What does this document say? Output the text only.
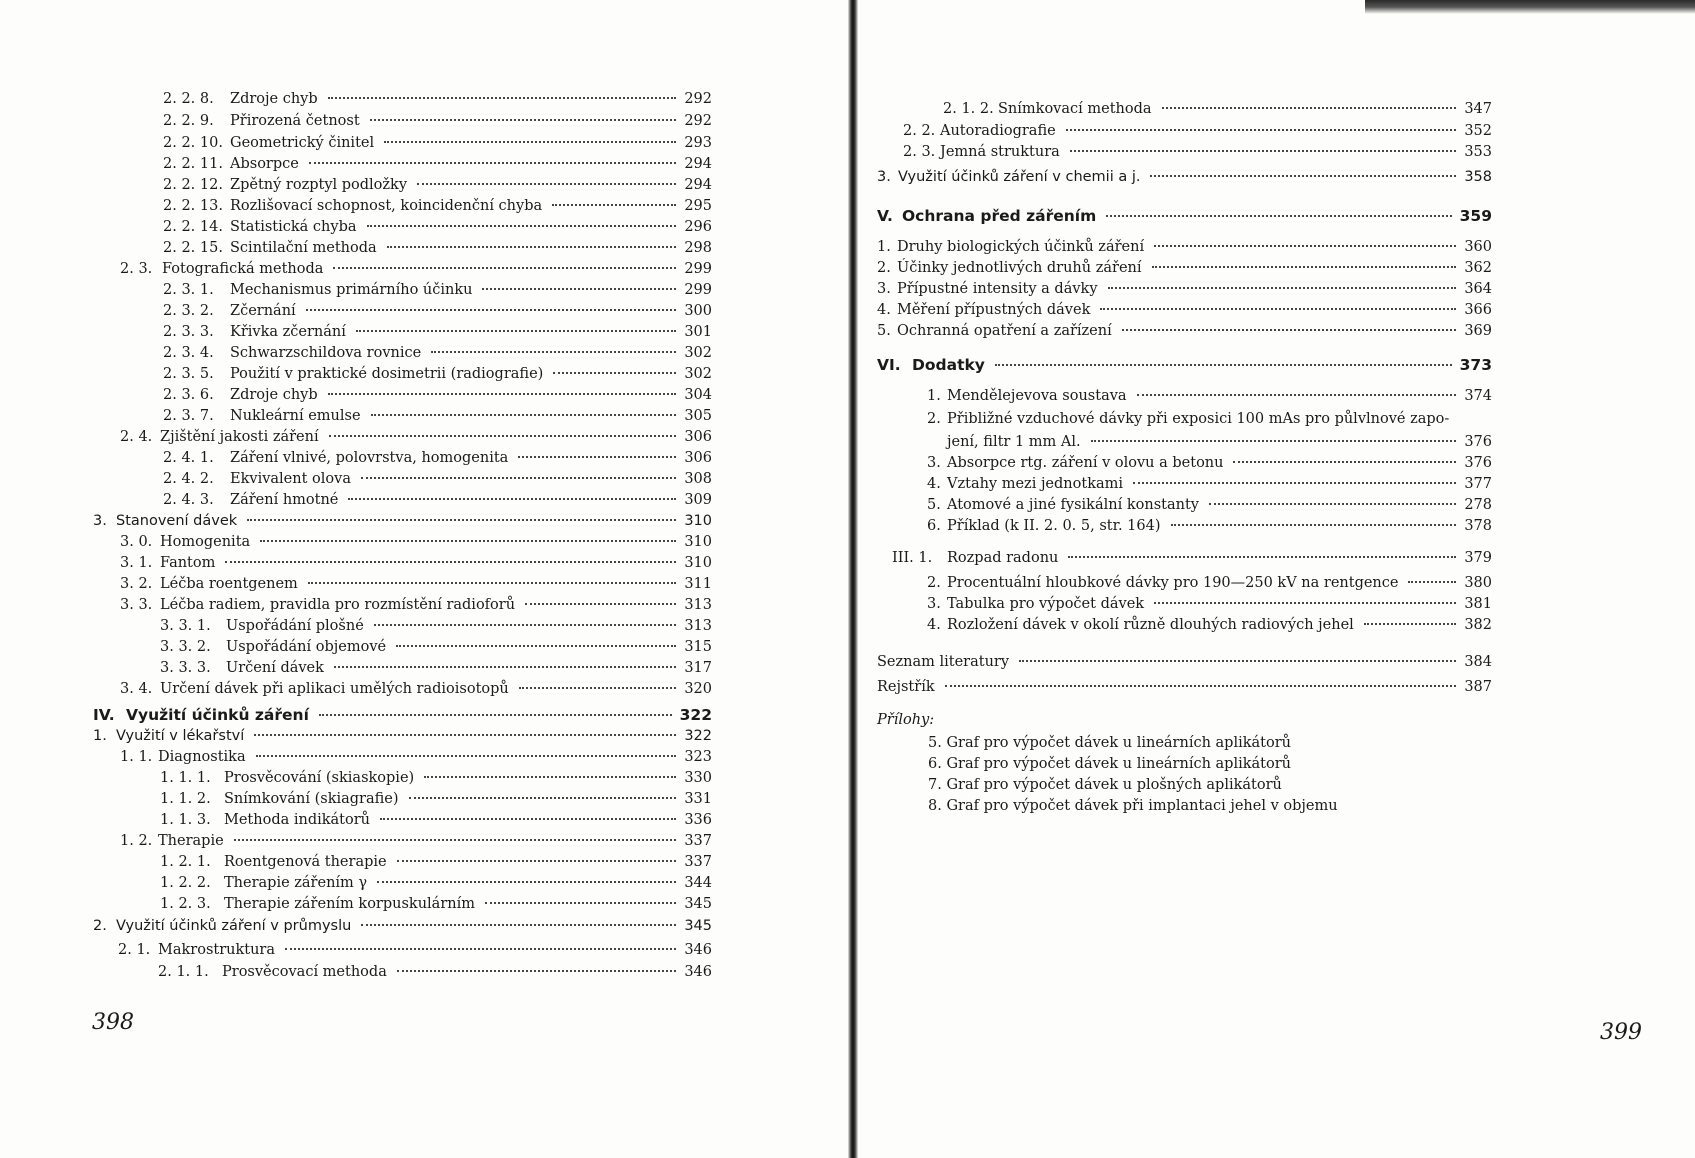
398	399
2. 2. 8.	Zdroje chyb	292
2. 2. 9.	Přirozená četnost	292
2. 2. 10. Geometrický činitel	293
2. 2. 11. Absorpce	294
2. 2. 12. Zpětný rozptyl podložky	294
2. 2. 13. Rozlišovací schopnost, koincidenční chyba	295
2. 2. 14. Statistická chyba	296
2. 2. 15. Scintilační methoda	298
2. 3. Fotografická methoda	299
2. 3. 1.	Mechanismus primárního účinku	299
2. 3. 2.	Zčernání	300
2. 3. 3.	Křivka zčernání	301
2. 3. 4.	Schwarzschildova rovnice	302
2. 3. 5.	Použití v praktické dosimetrii (radiografie)	302
2. 3. 6.	Zdroje chyb	304
2. 3. 7.	Nukleární emulse	305
2. 4. Zjištění jakosti záření	306
2. 4. 1.	Záření vlnivé, polovrstva, homogenita	306
2. 4. 2.	Ekvivalent olova	308
2. 4. 3.	Záření hmotné	309
3. Stanovení dávek	310
3. 0. Homogenita	310
3. 1. Fantom	310
3. 2. Léčba roentgenem	311
3. 3. Léčba radiem, pravidla pro rozmístění radioforů	313
3. 3. 1.	Uspořádání plošné	313
3. 3. 2.	Uspořádání objemové	315
3. 3. 3.	Určení dávek	317
3. 4. Určení dávek při aplikaci umělých radioisotopů	320
IV. Využití účinků záření	322
1. Využití v lékařství	322
1. 1. Diagnostika	323
1. 1. 1. Prosvěcování (skiaskopie)	330
1. 1. 2. Snímkování (skiagrafie)	331
1. 1. 3. Methoda indikátorů	336
1. 2. Therapie	337
1. 2. 1. Roentgenová therapie	337
1. 2. 2. Therapie zářením γ	344
1. 2. 3. Therapie zářením korpuskulárním	345
2. Využití účinků záření v průmyslu	345
2. 1. Makrostruktura	346
2. 1. 1. Prosvěcovací methoda	346
2. 1. 2. Snímkovací methoda	347
2. 2. Autoradiografie	352
2. 3. Jemná struktura	353
3. Využití účinků záření v chemii a j.	358
V. Ochrana před zářením	359
1. Druhy biologických účinků záření	360
2. Účinky jednotlivých druhů záření	362
3. Přípustné intensity a dávky	364
4. Měření přípustných dávek	366
5. Ochranná opatření a zařízení	369
VI. Dodatky	373
1. Mendělejevova soustava	374
2. Přibližné vzduchové dávky při exposici 100 mAs pro půlvlnové zapo-
jení, filtr 1 mm Al.	376
3. Absorpce rtg. záření v olovu a betonu	376
4. Vztahy mezi jednotkami	377
5. Atomové a jiné fysikální konstanty	278
6. Příklad (k II. 2. 0. 5, str. 164)	378
III. 1.	Rozpad radonu	379
2. Procentuální hloubkové dávky pro 190—250 kV na rentgence	380
3. Tabulka pro výpočet dávek	381
4. Rozložení dávek v okolí různě dlouhých radiových jehel	382
Seznam literatury	384
Rejstřík	387
Přílohy:
5. Graf pro výpočet dávek u lineárních aplikátorů
6. Graf pro výpočet dávek u lineárních aplikátorů
7. Graf pro výpočet dávek u plošných aplikátorů
8. Graf pro výpočet dávek při implantaci jehel v objemu
